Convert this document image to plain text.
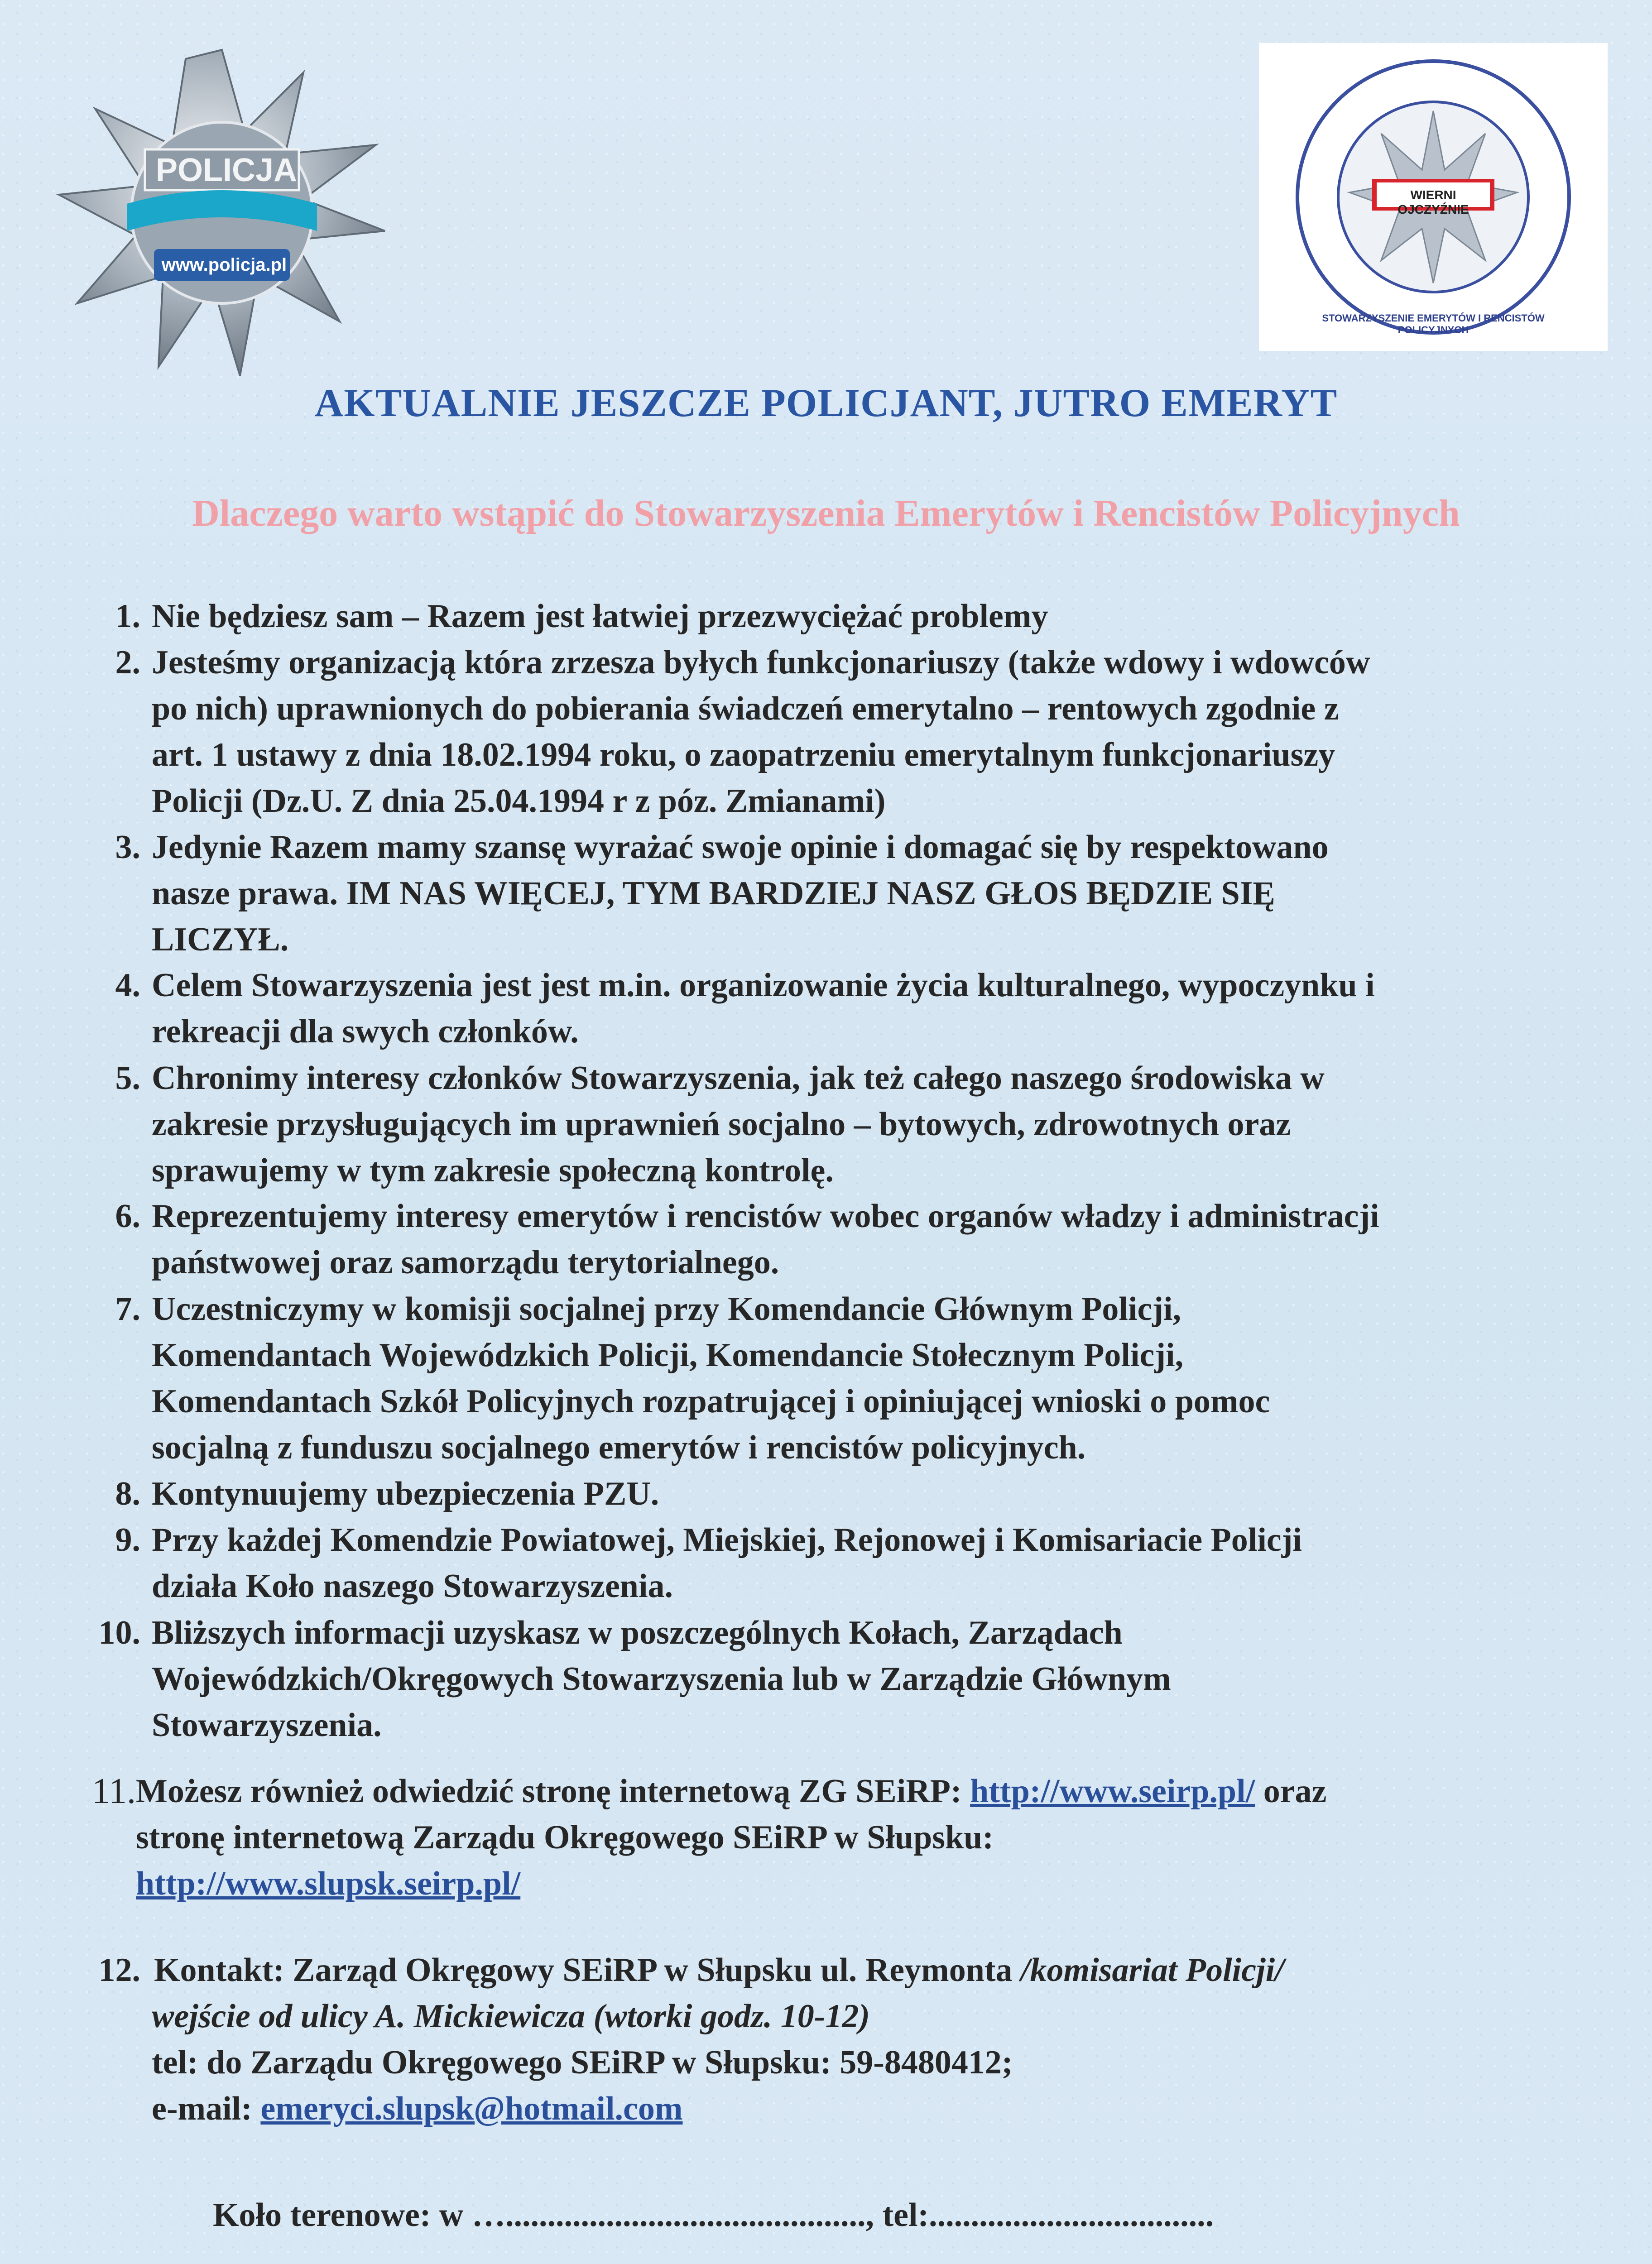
POLICJA
www.policja.pl
WIERNI OJCZYŹNIE
STOWARZYSZENIE EMERYTÓW I RENCISTÓW POLICYJNYCH
AKTUALNIE JESZCZE POLICJANT, JUTRO EMERYT
Dlaczego warto wstąpić do Stowarzyszenia Emerytów i Rencistów Policyjnych
1. Nie będziesz sam – Razem jest łatwiej przezwyciężać problemy
2. Jesteśmy organizacją która zrzesza byłych funkcjonariuszy (także wdowy i wdowców
po nich) uprawnionych do pobierania świadczeń emerytalno – rentowych zgodnie z
art. 1 ustawy z dnia 18.02.1994 roku, o zaopatrzeniu emerytalnym funkcjonariuszy
Policji (Dz.U. Z dnia 25.04.1994 r z póz. Zmianami)
3. Jedynie Razem mamy szansę wyrażać swoje opinie i domagać się by respektowano
nasze prawa. IM NAS WIĘCEJ, TYM BARDZIEJ NASZ GŁOS BĘDZIE SIĘ
LICZYŁ.
4. Celem Stowarzyszenia jest jest m.in. organizowanie życia kulturalnego, wypoczynku i
rekreacji dla swych członków.
5. Chronimy interesy członków Stowarzyszenia, jak też całego naszego środowiska w
zakresie przysługujących im uprawnień socjalno – bytowych, zdrowotnych oraz
sprawujemy w tym zakresie społeczną kontrolę.
6. Reprezentujemy interesy emerytów i rencistów wobec organów władzy i administracji
państwowej oraz samorządu terytorialnego.
7. Uczestniczymy w komisji socjalnej przy Komendancie Głównym Policji,
Komendantach Wojewódzkich Policji, Komendancie Stołecznym Policji,
Komendantach Szkół Policyjnych rozpatrującej i opiniującej wnioski o pomoc
socjalną z funduszu socjalnego emerytów i rencistów policyjnych.
8. Kontynuujemy ubezpieczenia PZU.
9. Przy każdej Komendzie Powiatowej, Miejskiej, Rejonowej i Komisariacie Policji
działa Koło naszego Stowarzyszenia.
10. Bliższych informacji uzyskasz w poszczególnych Kołach, Zarządach
Wojewódzkich/Okręgowych Stowarzyszenia lub w Zarządzie Głównym
Stowarzyszenia.
11. Możesz również odwiedzić stronę internetową ZG SEiRP: http://www.seirp.pl/ oraz
stronę internetową Zarządu Okręgowego SEiRP w Słupsku:
http://www.slupsk.seirp.pl/
12. Kontakt: Zarząd Okręgowy SEiRP w Słupsku ul. Reymonta /komisariat Policji/
wejście od ulicy A. Mickiewicza (wtorki godz. 10-12)
tel: do Zarządu Okręgowego SEiRP w Słupsku: 59-8480412;
e-mail: emeryci.slupsk@hotmail.com
Koło terenowe: w …..........................................., tel:..................................
